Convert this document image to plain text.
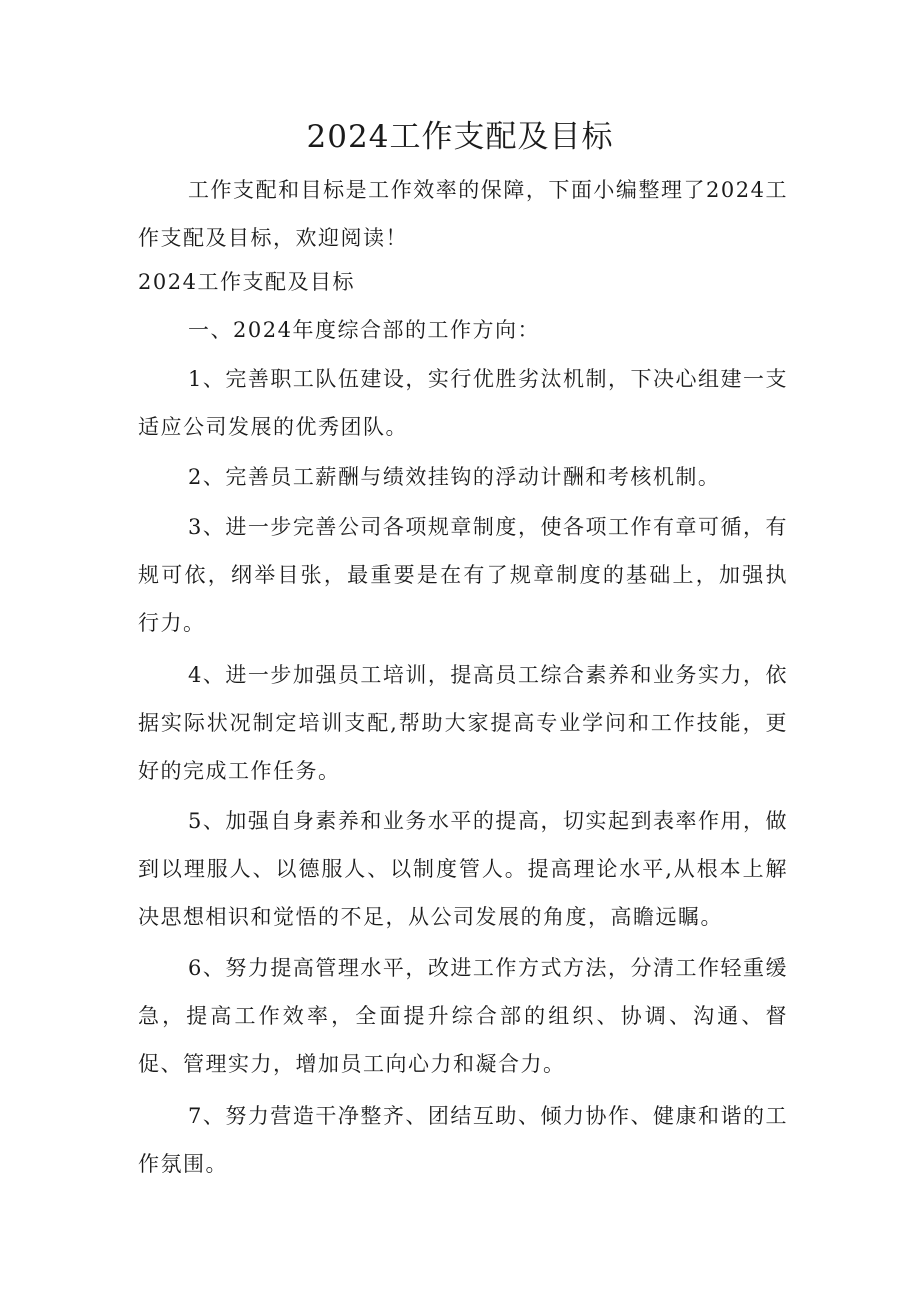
2024工作支配及目标

工作支配和目标是工作效率的保障，下面小编整理了2024工作支配及目标，欢迎阅读！

2024工作支配及目标

一、2024年度综合部的工作方向：

1、完善职工队伍建设，实行优胜劣汰机制，下决心组建一支适应公司发展的优秀团队。

2、完善员工薪酬与绩效挂钩的浮动计酬和考核机制。

3、进一步完善公司各项规章制度，使各项工作有章可循，有规可依，纲举目张，最重要是在有了规章制度的基础上，加强执行力。

4、进一步加强员工培训，提高员工综合素养和业务实力，依据实际状况制定培训支配,帮助大家提高专业学问和工作技能，更好的完成工作任务。

5、加强自身素养和业务水平的提高，切实起到表率作用，做到以理服人、以德服人、以制度管人。提高理论水平,从根本上解决思想相识和觉悟的不足，从公司发展的角度，高瞻远瞩。

6、努力提高管理水平，改进工作方式方法，分清工作轻重缓急，提高工作效率，全面提升综合部的组织、协调、沟通、督促、管理实力，增加员工向心力和凝合力。

7、努力营造干净整齐、团结互助、倾力协作、健康和谐的工作氛围。
